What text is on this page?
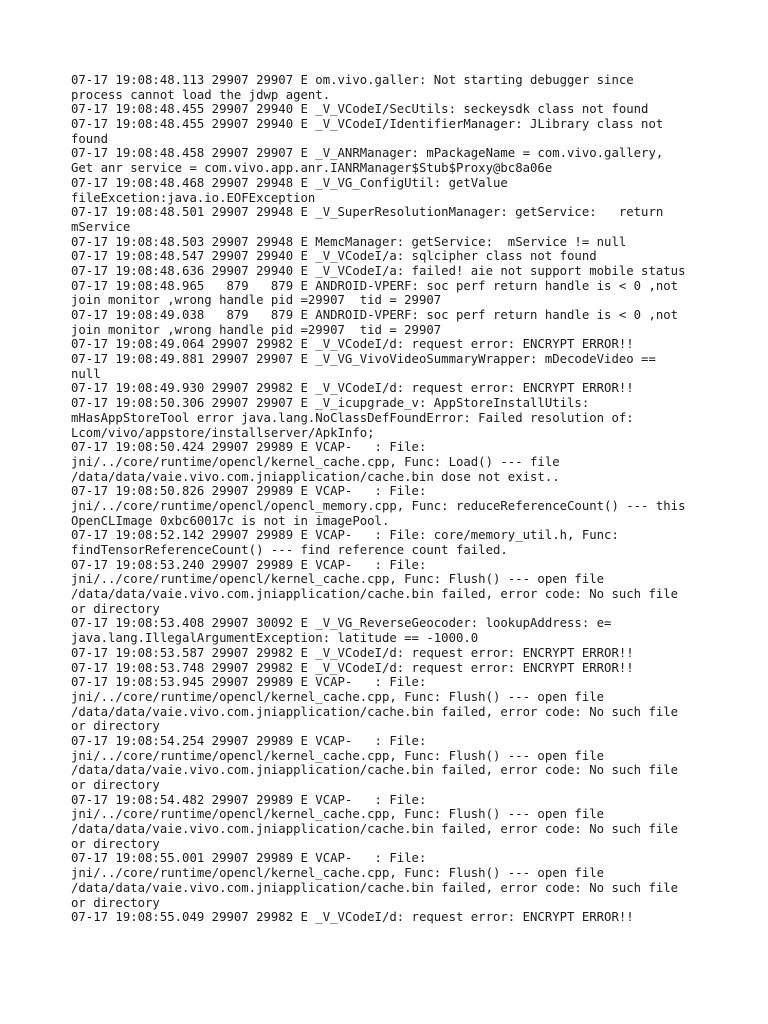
07-17 19:08:48.113 29907 29907 E om.vivo.galler: Not starting debugger since
process cannot load the jdwp agent.
07-17 19:08:48.455 29907 29940 E _V_VCodeI/SecUtils: seckeysdk class not found
07-17 19:08:48.455 29907 29940 E _V_VCodeI/IdentifierManager: JLibrary class not
found
07-17 19:08:48.458 29907 29907 E _V_ANRManager: mPackageName = com.vivo.gallery,
Get anr service = com.vivo.app.anr.IANRManager$Stub$Proxy@bc8a06e
07-17 19:08:48.468 29907 29948 E _V_VG_ConfigUtil: getValue
fileExcetion:java.io.EOFException
07-17 19:08:48.501 29907 29948 E _V_SuperResolutionManager: getService:   return
mService
07-17 19:08:48.503 29907 29948 E MemcManager: getService:  mService != null
07-17 19:08:48.547 29907 29940 E _V_VCodeI/a: sqlcipher class not found
07-17 19:08:48.636 29907 29940 E _V_VCodeI/a: failed! aie not support mobile status
07-17 19:08:48.965   879   879 E ANDROID-VPERF: soc perf return handle is < 0 ,not
join monitor ,wrong handle pid =29907  tid = 29907
07-17 19:08:49.038   879   879 E ANDROID-VPERF: soc perf return handle is < 0 ,not
join monitor ,wrong handle pid =29907  tid = 29907
07-17 19:08:49.064 29907 29982 E _V_VCodeI/d: request error: ENCRYPT ERROR!!
07-17 19:08:49.881 29907 29907 E _V_VG_VivoVideoSummaryWrapper: mDecodeVideo ==
null
07-17 19:08:49.930 29907 29982 E _V_VCodeI/d: request error: ENCRYPT ERROR!!
07-17 19:08:50.306 29907 29907 E _V_icupgrade_v: AppStoreInstallUtils:
mHasAppStoreTool error java.lang.NoClassDefFoundError: Failed resolution of:
Lcom/vivo/appstore/installserver/ApkInfo;
07-17 19:08:50.424 29907 29989 E VCAP-   : File:
jni/../core/runtime/opencl/kernel_cache.cpp, Func: Load() --- file
/data/data/vaie.vivo.com.jniapplication/cache.bin dose not exist..
07-17 19:08:50.826 29907 29989 E VCAP-   : File:
jni/../core/runtime/opencl/opencl_memory.cpp, Func: reduceReferenceCount() --- this
OpenCLImage 0xbc60017c is not in imagePool.
07-17 19:08:52.142 29907 29989 E VCAP-   : File: core/memory_util.h, Func:
findTensorReferenceCount() --- find reference count failed.
07-17 19:08:53.240 29907 29989 E VCAP-   : File:
jni/../core/runtime/opencl/kernel_cache.cpp, Func: Flush() --- open file
/data/data/vaie.vivo.com.jniapplication/cache.bin failed, error code: No such file
or directory
07-17 19:08:53.408 29907 30092 E _V_VG_ReverseGeocoder: lookupAddress: e=
java.lang.IllegalArgumentException: latitude == -1000.0
07-17 19:08:53.587 29907 29982 E _V_VCodeI/d: request error: ENCRYPT ERROR!!
07-17 19:08:53.748 29907 29982 E _V_VCodeI/d: request error: ENCRYPT ERROR!!
07-17 19:08:53.945 29907 29989 E VCAP-   : File:
jni/../core/runtime/opencl/kernel_cache.cpp, Func: Flush() --- open file
/data/data/vaie.vivo.com.jniapplication/cache.bin failed, error code: No such file
or directory
07-17 19:08:54.254 29907 29989 E VCAP-   : File:
jni/../core/runtime/opencl/kernel_cache.cpp, Func: Flush() --- open file
/data/data/vaie.vivo.com.jniapplication/cache.bin failed, error code: No such file
or directory
07-17 19:08:54.482 29907 29989 E VCAP-   : File:
jni/../core/runtime/opencl/kernel_cache.cpp, Func: Flush() --- open file
/data/data/vaie.vivo.com.jniapplication/cache.bin failed, error code: No such file
or directory
07-17 19:08:55.001 29907 29989 E VCAP-   : File:
jni/../core/runtime/opencl/kernel_cache.cpp, Func: Flush() --- open file
/data/data/vaie.vivo.com.jniapplication/cache.bin failed, error code: No such file
or directory
07-17 19:08:55.049 29907 29982 E _V_VCodeI/d: request error: ENCRYPT ERROR!!
